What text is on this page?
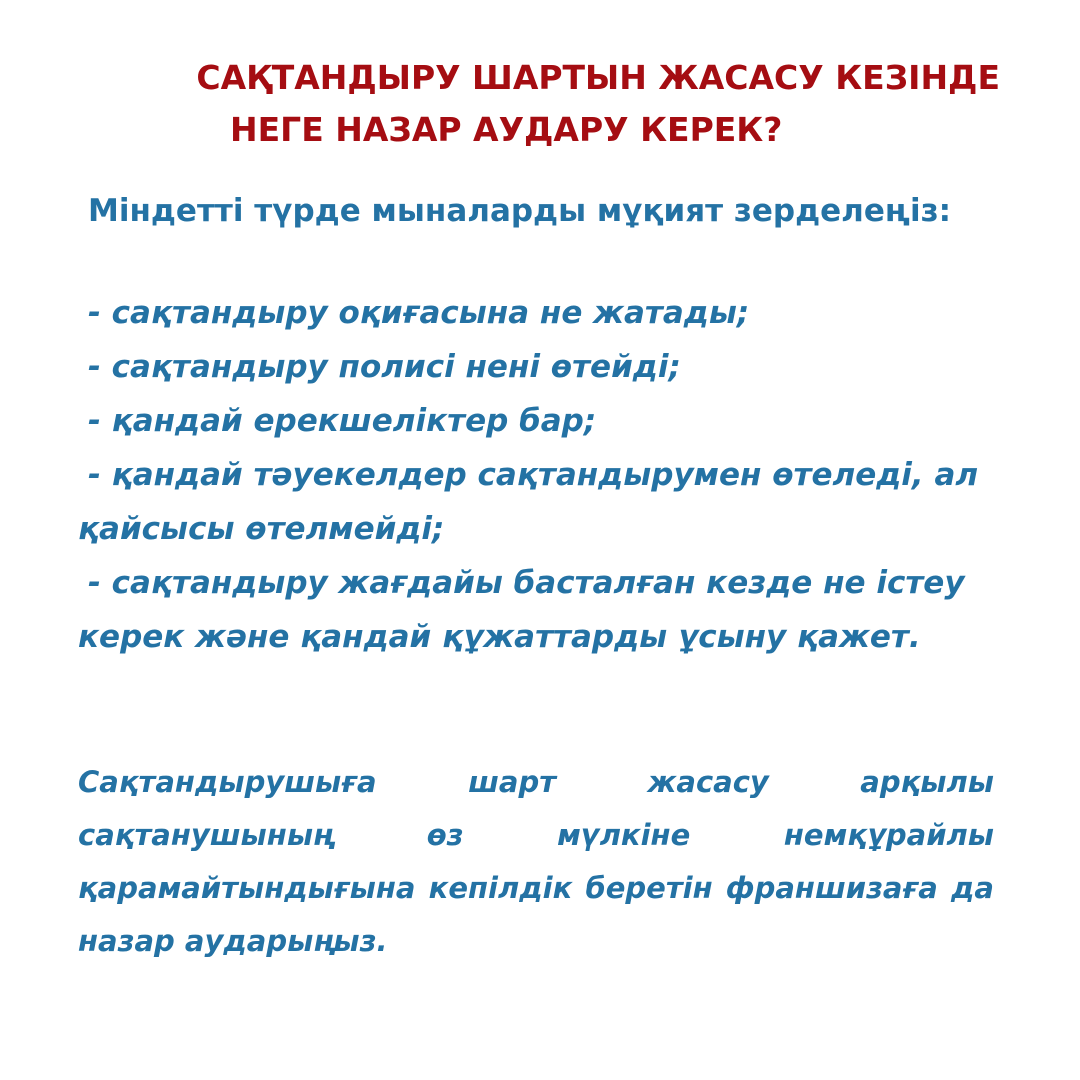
САҚТАНДЫРУ ШАРТЫН ЖАСАСУ КЕЗІНДЕ
НЕГЕ НАЗАР АУДАРУ КЕРЕК?
Міндетті түрде мыналарды мұқият зерделеңіз:
- сақтандыру оқиғасына не жатады;
- сақтандыру полисі нені өтейді;
- қандай ерекшеліктер бар;
- қандай тәуекелдер сақтандырумен өтеледі, ал қайсысы өтелмейді;
- сақтандыру жағдайы басталған кезде не істеу керек және қандай құжаттарды ұсыну қажет.

Сақтандырушыға шарт жасасу арқылы сақтанушының өз мүлкіне немқұрайлы қарамайтындығына кепілдік беретін франшизаға да назар аударыңыз.
